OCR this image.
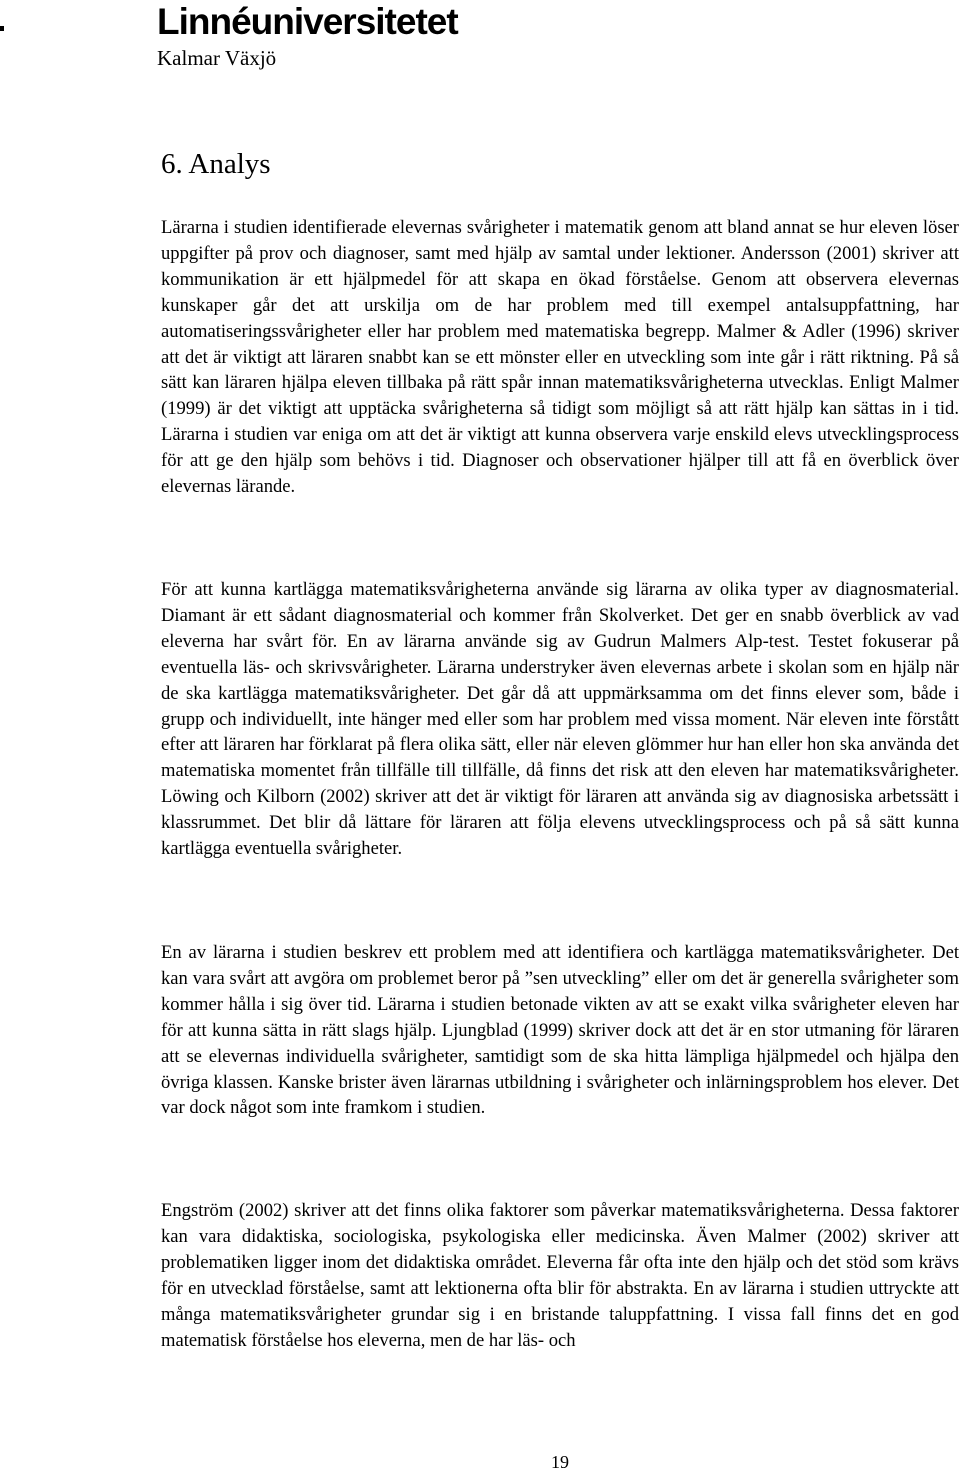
Linnéuniversitetet
Kalmar Växjö
6. Analys

Lärarna i studien identifierade elevernas svårigheter i matematik genom att bland annat se hur eleven löser uppgifter på prov och diagnoser, samt med hjälp av samtal under lektioner. Andersson (2001) skriver att kommunikation är ett hjälpmedel för att skapa en ökad förståelse. Genom att observera elevernas kunskaper går det att urskilja om de har problem med till exempel antalsuppfattning, har automatiseringssvårigheter eller har problem med matematiska begrepp. Malmer & Adler (1996) skriver att det är viktigt att läraren snabbt kan se ett mönster eller en utveckling som inte går i rätt riktning. På så sätt kan läraren hjälpa eleven tillbaka på rätt spår innan matematiksvårigheterna utvecklas. Enligt Malmer (1999) är det viktigt att upptäcka svårigheterna så tidigt som möjligt så att rätt hjälp kan sättas in i tid. Lärarna i studien var eniga om att det är viktigt att kunna observera varje enskild elevs utvecklingsprocess för att ge den hjälp som behövs i tid. Diagnoser och observationer hjälper till att få en överblick över elevernas lärande.

För att kunna kartlägga matematiksvårigheterna använde sig lärarna av olika typer av diagnosmaterial. Diamant är ett sådant diagnosmaterial och kommer från Skolverket. Det ger en snabb överblick av vad eleverna har svårt för. En av lärarna använde sig av Gudrun Malmers Alp-test. Testet fokuserar på eventuella läs- och skrivsvårigheter. Lärarna understryker även elevernas arbete i skolan som en hjälp när de ska kartlägga matematiksvårigheter. Det går då att uppmärksamma om det finns elever som, både i grupp och individuellt, inte hänger med eller som har problem med vissa moment. När eleven inte förstått efter att läraren har förklarat på flera olika sätt, eller när eleven glömmer hur han eller hon ska använda det matematiska momentet från tillfälle till tillfälle, då finns det risk att den eleven har matematiksvårigheter. Löwing och Kilborn (2002) skriver att det är viktigt för läraren att använda sig av diagnosiska arbetssätt i klassrummet. Det blir då lättare för läraren att följa elevens utvecklingsprocess och på så sätt kunna kartlägga eventuella svårigheter.

En av lärarna i studien beskrev ett problem med att identifiera och kartlägga matematiksvårigheter. Det kan vara svårt att avgöra om problemet beror på ”sen utveckling” eller om det är generella svårigheter som kommer hålla i sig över tid. Lärarna i studien betonade vikten av att se exakt vilka svårigheter eleven har för att kunna sätta in rätt slags hjälp. Ljungblad (1999) skriver dock att det är en stor utmaning för läraren att se elevernas individuella svårigheter, samtidigt som de ska hitta lämpliga hjälpmedel och hjälpa den övriga klassen. Kanske brister även lärarnas utbildning i svårigheter och inlärningsproblem hos elever. Det var dock något som inte framkom i studien.

Engström (2002) skriver att det finns olika faktorer som påverkar matematiksvårigheterna. Dessa faktorer kan vara didaktiska, sociologiska, psykologiska eller medicinska. Även Malmer (2002) skriver att problematiken ligger inom det didaktiska området. Eleverna får ofta inte den hjälp och det stöd som krävs för en utvecklad förståelse, samt att lektionerna ofta blir för abstrakta. En av lärarna i studien uttryckte att många matematiksvårigheter grundar sig i en bristande taluppfattning. I vissa fall finns det en god matematisk förståelse hos eleverna, men de har läs- och

19
